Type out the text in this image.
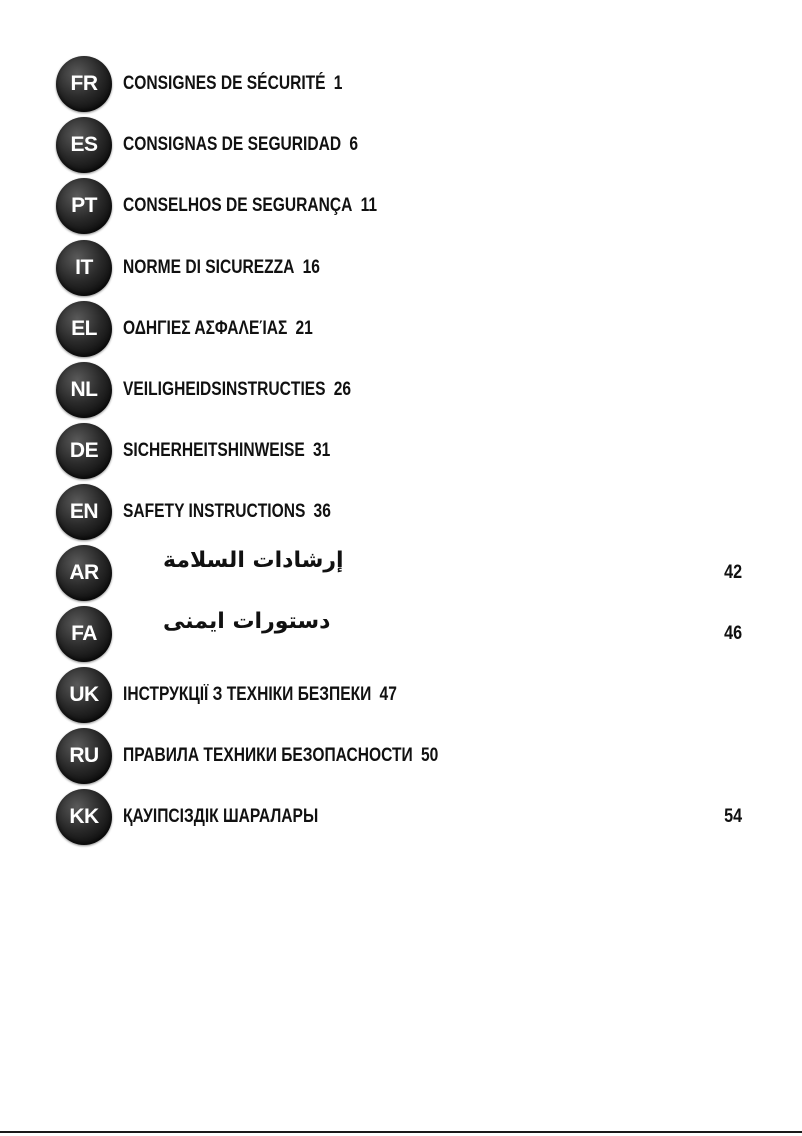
FR	CONSIGNES DE SÉCURITÉ 1
ES	CONSIGNAS DE SEGURIDAD 6
PT	CONSELHOS DE SEGURANÇA 11
IT	NORME DI SICUREZZA 16
EL	ΟΔΗΓΙΕΣ ΑΣΦΑΛΕΊΑΣ 21
NL	VEILIGHEIDSINSTRUCTIES 26
DE	SICHERHEITSHINWEISE 31
EN	SAFETY INSTRUCTIONS 36
AR	إرشادات السلامة	42
FA	دستورات ایمنی	46
UK	ІНСТРУКЦІЇ З ТЕХНІКИ БЕЗПЕКИ 47
RU	ПРАВИЛА ТЕХНИКИ БЕЗОПАСНОСТИ 50
KK	ҚАУІПСІЗДІК ШАРАЛАРЫ	54
